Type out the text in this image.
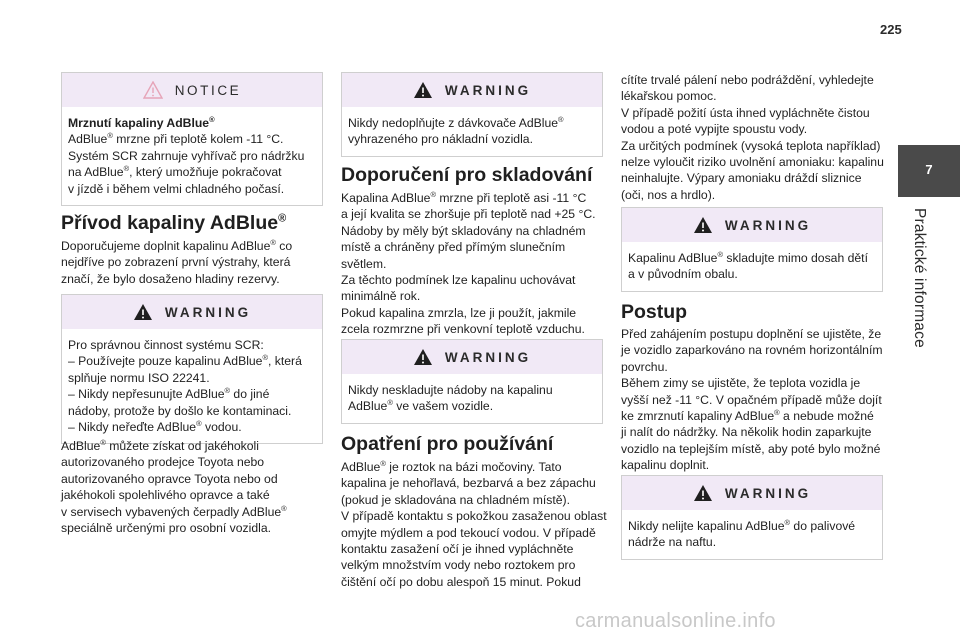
225
7
Praktické informace
NOTICE
Mrznutí kapaliny AdBlue®
AdBlue® mrzne při teplotě kolem -11 °C.
Systém SCR zahrnuje vyhřívač pro nádržku
na AdBlue®, který umožňuje pokračovat
v jízdě i během velmi chladného počasí.
Přívod kapaliny AdBlue®
Doporučujeme doplnit kapalinu AdBlue® co
nejdříve po zobrazení první výstrahy, která
značí, že bylo dosaženo hladiny rezervy.
WARNING
Pro správnou činnost systému SCR:
– Používejte pouze kapalinu AdBlue®, která
splňuje normu ISO 22241.
– Nikdy nepřesunujte AdBlue® do jiné
nádoby, protože by došlo ke kontaminaci.
– Nikdy neřeďte AdBlue® vodou.
AdBlue® můžete získat od jakéhokoli
autorizovaného prodejce Toyota nebo
autorizovaného opravce Toyota nebo od
jakéhokoli spolehlivého opravce a také
v servisech vybavených čerpadly AdBlue®
speciálně určenými pro osobní vozidla.
WARNING
Nikdy nedoplňujte z dávkovače AdBlue®
vyhrazeného pro nákladní vozidla.
Doporučení pro skladování
Kapalina AdBlue® mrzne při teplotě asi -11 °C
a její kvalita se zhoršuje při teplotě nad +25 °C.
Nádoby by měly být skladovány na chladném
místě a chráněny před přímým slunečním
světlem.
Za těchto podmínek lze kapalinu uchovávat
minimálně rok.
Pokud kapalina zmrzla, lze ji použít, jakmile
zcela rozmrzne při venkovní teplotě vzduchu.
WARNING
Nikdy neskladujte nádoby na kapalinu
AdBlue® ve vašem vozidle.
Opatření pro používání
AdBlue® je roztok na bázi močoviny. Tato
kapalina je nehořlavá, bezbarvá a bez zápachu
(pokud je skladována na chladném místě).
V případě kontaktu s pokožkou zasaženou oblast
omyjte mýdlem a pod tekoucí vodou. V případě
kontaktu zasažení očí je ihned vypláchněte
velkým množstvím vody nebo roztokem pro
čištění očí po dobu alespoň 15 minut. Pokud
cítíte trvalé pálení nebo podráždění, vyhledejte
lékařskou pomoc.
V případě požití ústa ihned vypláchněte čistou
vodou a poté vypijte spoustu vody.
Za určitých podmínek (vysoká teplota například)
nelze vyloučit riziko uvolnění amoniaku: kapalinu
neinhalujte. Výpary amoniaku dráždí sliznice
(oči, nos a hrdlo).
WARNING
Kapalinu AdBlue® skladujte mimo dosah dětí
a v původním obalu.
Postup
Před zahájením postupu doplnění se ujistěte, že
je vozidlo zaparkováno na rovném horizontálním
povrchu.
Během zimy se ujistěte, že teplota vozidla je
vyšší než -11 °C. V opačném případě může dojít
ke zmrznutí kapaliny AdBlue® a nebude možné
ji nalít do nádržky. Na několik hodin zaparkujte
vozidlo na teplejším místě, aby poté bylo možné
kapalinu doplnit.
WARNING
Nikdy nelijte kapalinu AdBlue® do palivové
nádrže na naftu.
carmanualsonline.info
